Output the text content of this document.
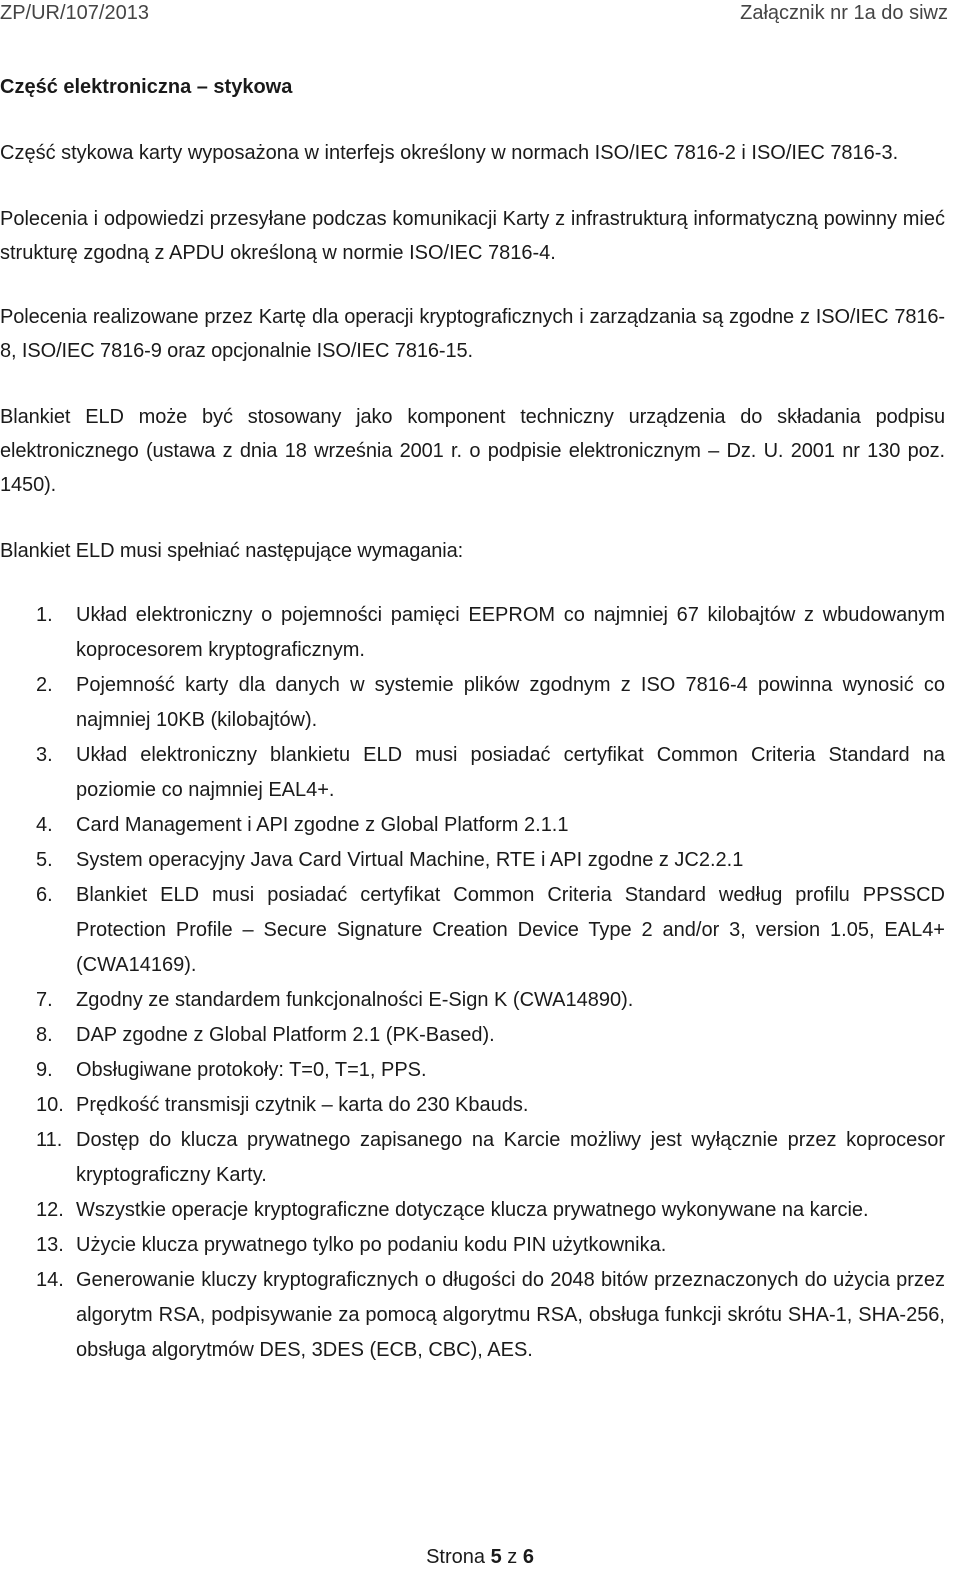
ZP/UR/107/2013	Załącznik nr 1a do siwz
Część elektroniczna – stykowa

Część stykowa karty wyposażona w interfejs określony w normach ISO/IEC 7816-2 i ISO/IEC 7816-3.

Polecenia i odpowiedzi przesyłane podczas komunikacji Karty z infrastrukturą informatyczną powinny mieć strukturę zgodną z APDU określoną w normie ISO/IEC 7816-4.

Polecenia realizowane przez Kartę dla operacji kryptograficznych i zarządzania są zgodne z ISO/IEC 7816-8, ISO/IEC 7816-9 oraz opcjonalnie ISO/IEC 7816-15.

Blankiet ELD może być stosowany jako komponent techniczny urządzenia do składania podpisu elektronicznego (ustawa z dnia 18 września 2001 r. o podpisie elektronicznym – Dz. U. 2001 nr 130 poz. 1450).

Blankiet ELD musi spełniać następujące wymagania:

1. Układ elektroniczny o pojemności pamięci EEPROM co najmniej 67 kilobajtów z wbudowanym koprocesorem kryptograficznym.
2. Pojemność karty dla danych w systemie plików zgodnym z ISO 7816-4 powinna wynosić co najmniej 10KB (kilobajtów).
3. Układ elektroniczny blankietu ELD musi posiadać certyfikat Common Criteria Standard na poziomie co najmniej EAL4+.
4. Card Management i API zgodne z Global Platform 2.1.1
5. System operacyjny Java Card Virtual Machine, RTE i API zgodne z JC2.2.1
6. Blankiet ELD musi posiadać certyfikat Common Criteria Standard według profilu PPSSCD Protection Profile – Secure Signature Creation Device Type 2 and/or 3, version 1.05, EAL4+ (CWA14169).
7. Zgodny ze standardem funkcjonalności E-Sign K (CWA14890).
8. DAP zgodne z Global Platform 2.1 (PK-Based).
9. Obsługiwane protokoły: T=0, T=1, PPS.
10. Prędkość transmisji czytnik – karta do 230 Kbauds.
11. Dostęp do klucza prywatnego zapisanego na Karcie możliwy jest wyłącznie przez koprocesor kryptograficzny Karty.
12. Wszystkie operacje kryptograficzne dotyczące klucza prywatnego wykonywane na karcie.
13. Użycie klucza prywatnego tylko po podaniu kodu PIN użytkownika.
14. Generowanie kluczy kryptograficznych o długości do 2048 bitów przeznaczonych do użycia przez algorytm RSA, podpisywanie za pomocą algorytmu RSA, obsługa funkcji skrótu SHA-1, SHA-256, obsługa algorytmów DES, 3DES (ECB, CBC), AES.
Strona 5 z 6
